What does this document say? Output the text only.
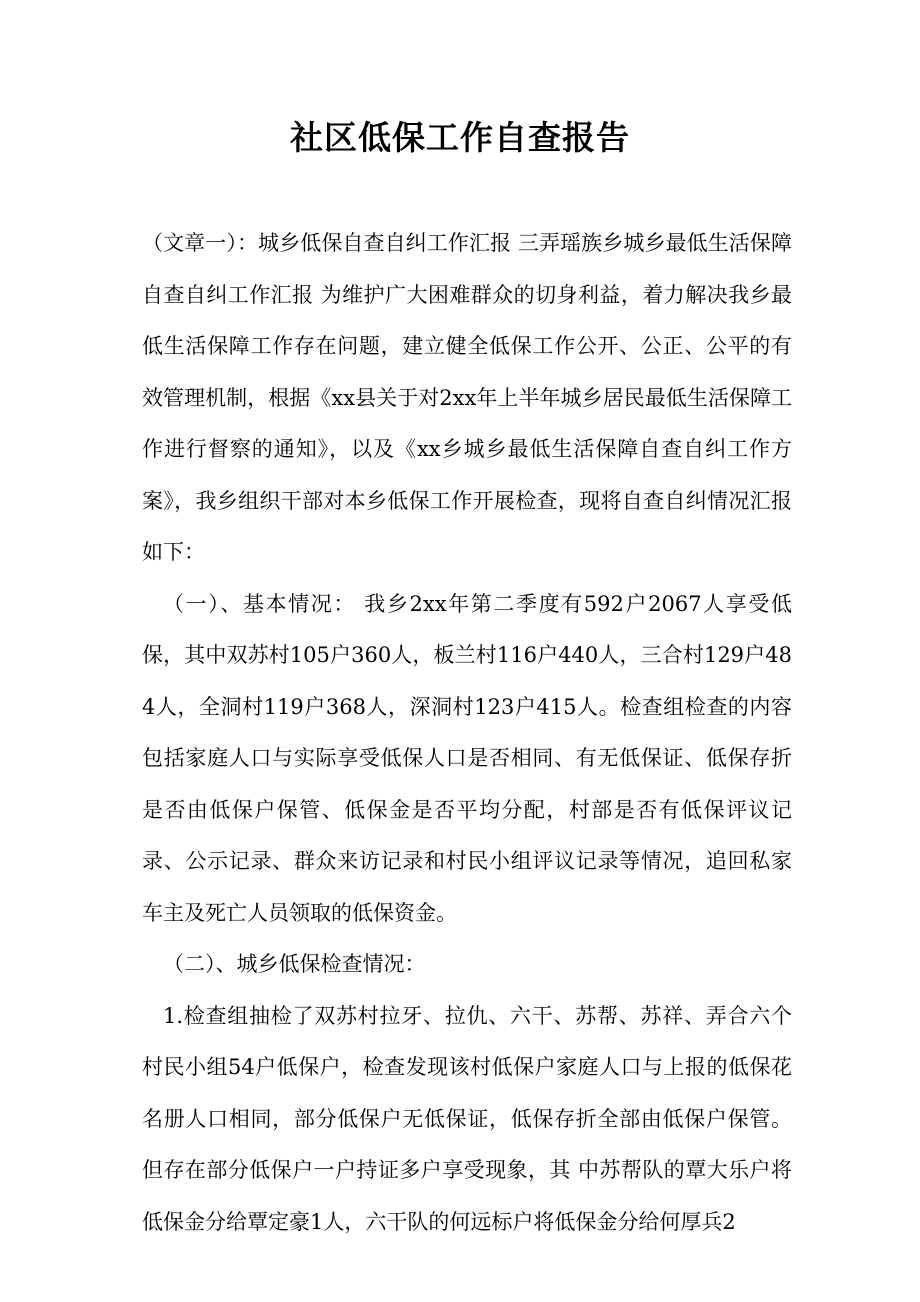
社区低保工作自查报告

（文章一）：城乡低保自查自纠工作汇报 三弄瑶族乡城乡最低生活保障 自查自纠工作汇报 为维护广大困难群众的切身利益，着力解决我乡最低生活保障工作存在问题，建立健全低保工作公开、公正、公平的有效管理机制，根据《xx县关于对2xx年上半年城乡居民最低生活保障工作进行督察的通知》，以及《xx乡城乡最低生活保障自查自纠工作方案》，我乡组织干部对本乡低保工作开展检查，现将自查自纠情况汇报如下：

（一）、基本情况： 我乡2xx年第二季度有592户2067人享受低保，其中双苏村105户360人，板兰村116户440人，三合村129户484人，全洞村119户368人，深洞村123户415人。检查组检查的内容包括家庭人口与实际享受低保人口是否相同、有无低保证、低保存折是否由低保户保管、低保金是否平均分配，村部是否有低保评议记录、公示记录、群众来访记录和村民小组评议记录等情况，追回私家车主及死亡人员领取的低保资金。

（二）、城乡低保检查情况：

1.检查组抽检了双苏村拉牙、拉仇、六干、苏帮、苏祥、弄合六个村民小组54户低保户，检查发现该村低保户家庭人口与上报的低保花名册人口相同，部分低保户无低保证，低保存折全部由低保户保管。但存在部分低保户一户持证多户享受现象，其 中苏帮队的覃大乐户将低保金分给覃定豪1人，六干队的何远标户将低保金分给何厚兵2
